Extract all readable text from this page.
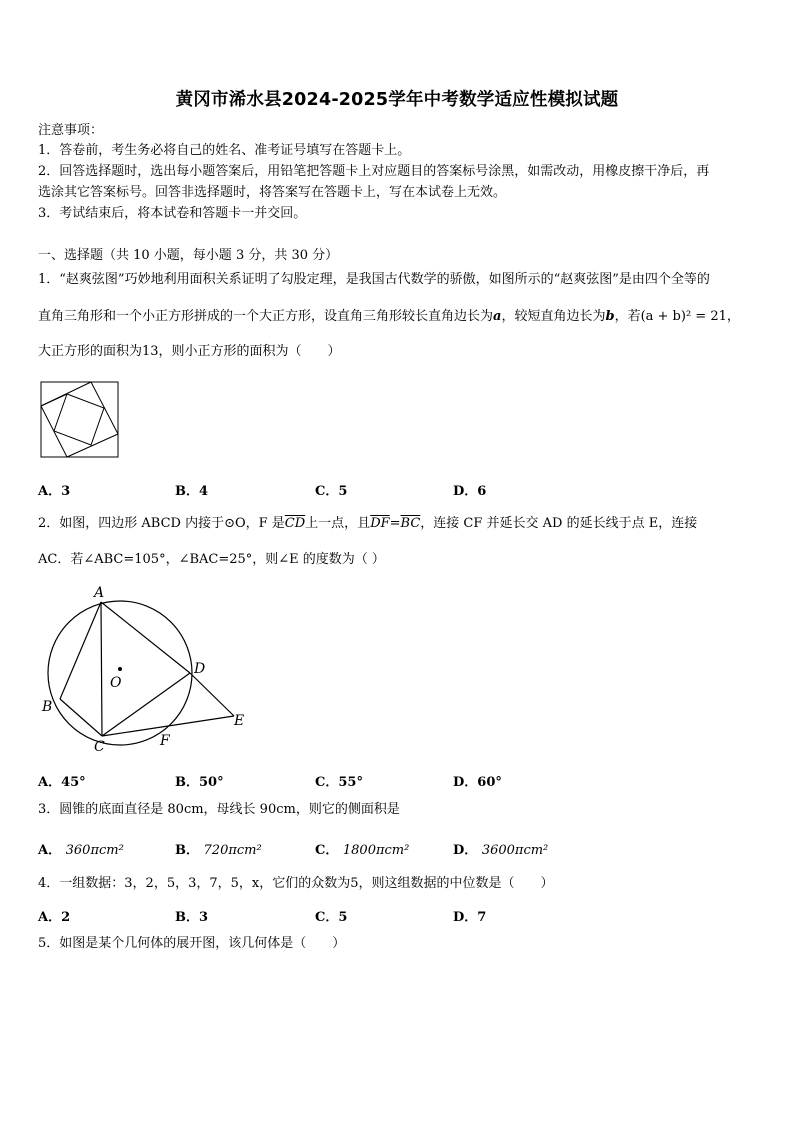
黄冈市浠水县2024-2025学年中考数学适应性模拟试题
注意事项：
1．答卷前，考生务必将自己的姓名、准考证号填写在答题卡上。
2．回答选择题时，选出每小题答案后，用铅笔把答题卡上对应题目的答案标号涂黑，如需改动，用橡皮擦干净后，再
选涂其它答案标号。回答非选择题时，将答案写在答题卡上，写在本试卷上无效。
3．考试结束后，将本试卷和答题卡一并交回。
一、选择题（共 10 小题，每小题 3 分，共 30 分）
1．“赵爽弦图”巧妙地利用面积关系证明了勾股定理，是我国古代数学的骄傲，如图所示的“赵爽弦图”是由四个全等的
直角三角形和一个小正方形拼成的一个大正方形，设直角三角形较长直角边长为a，较短直角边长为b，若(a + b)² = 21，
大正方形的面积为13，则小正方形的面积为（　　）
A．3	B．4	C．5	D．6
2．如图，四边形 ABCD 内接于⊙O，F 是$\overline{CD}$上一点，且$\overline{DF}=\overline{BC}$，连接 CF 并延长交 AD 的延长线于点 E，连接
AC．若∠ABC=105°，∠BAC=25°，则∠E 的度数为（ ）
A
B
C
D
E
F
O
A．45°	B．50°	C．55°	D．60°
3．圆锥的底面直径是 80cm，母线长 90cm，则它的侧面积是
A． 360πcm²	B． 720πcm²	C． 1800πcm²	D． 3600πcm²
4．一组数据：3，2，5，3，7，5，x，它们的众数为5，则这组数据的中位数是（　　）
A．2	B．3	C．5	D．7
5．如图是某个几何体的展开图，该几何体是（　　）
